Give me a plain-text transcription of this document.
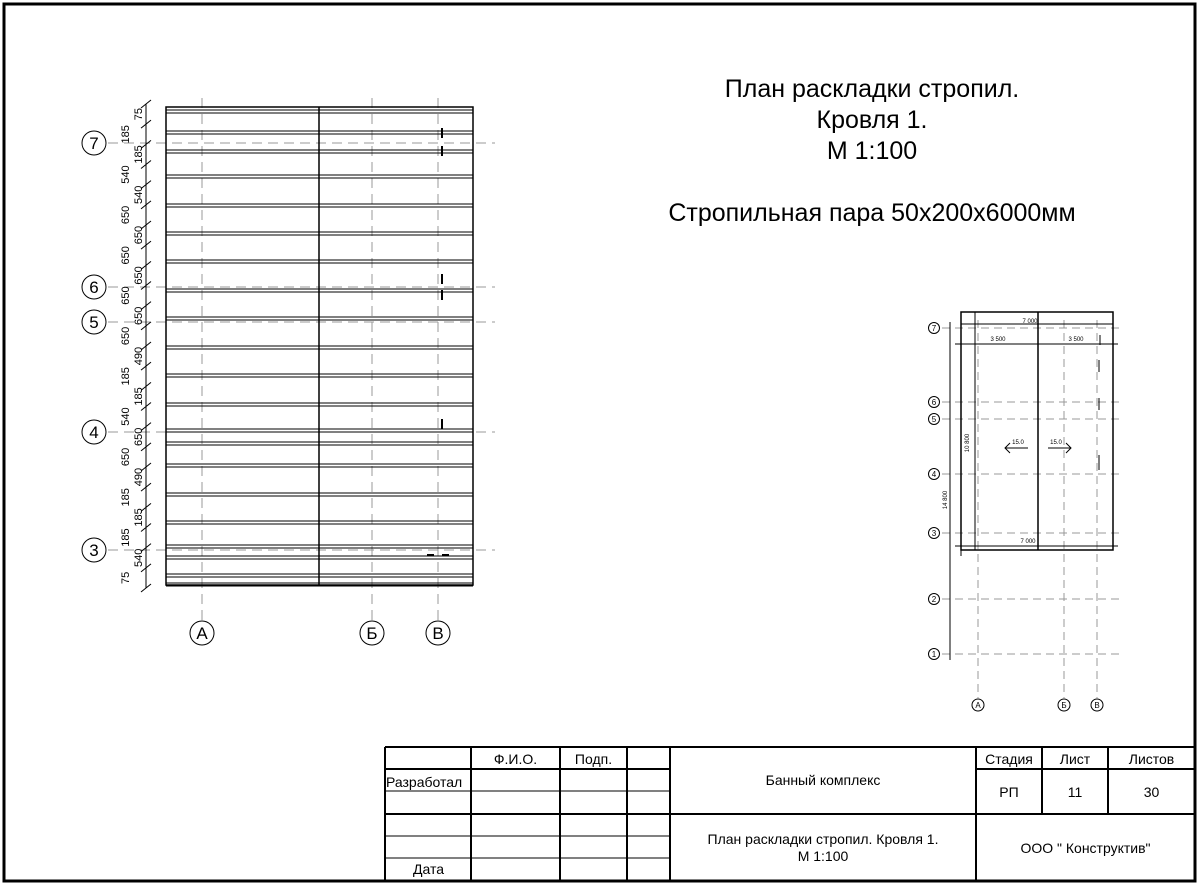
75
185
185
540
540
650
650
650
650
650
650
650
490
185
185
540
650
650
490
185
185
185
540
75
7
6
5
4
3
А	Б	В
7 000
3 500	3 500
7 000
10 800
14 800
15.0	15.0
7
6
5
4
3
2
1
А	Б	В
План раскладки стропил.
Кровля 1.
М 1:100
Стропильная пара 50х200х6000мм
Ф.И.О.	Подп.
Разработал
Дата
Банный комплекс
План раскладки стропил. Кровля 1.
М 1:100
Стадия	Лист	Листов
РП	11	30
ООО " Конструктив"
